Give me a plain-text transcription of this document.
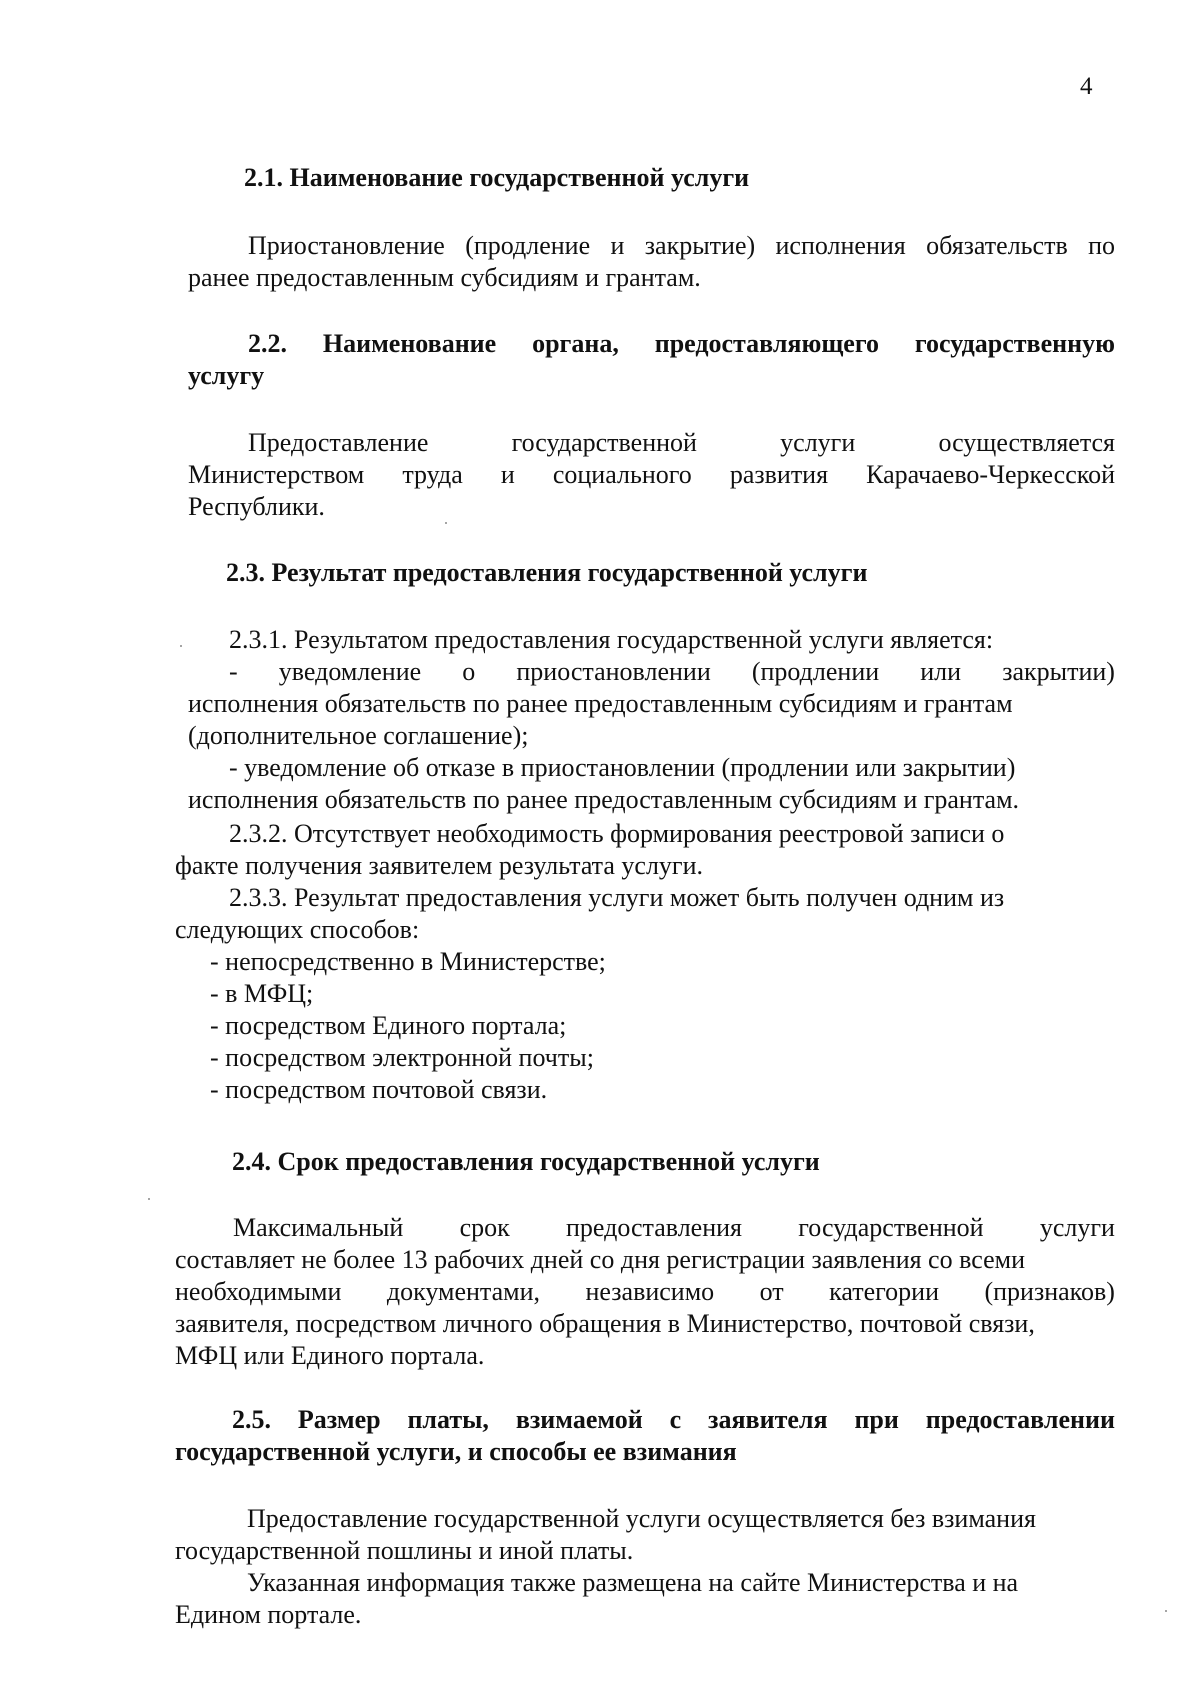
4
2.1. Наименование государственной услуги
Приостановление (продление и закрытие) исполнения обязательств по
ранее предоставленным субсидиям и грантам.
2.2. Наименование органа, предоставляющего государственную
услугу
Предоставление	государственной	услуги	осуществляется
Министерством труда и социального развития Карачаево-Черкесской
Республики.
2.3. Результат предоставления государственной услуги
2.3.1. Результатом предоставления государственной услуги является:
- уведомление о приостановлении (продлении или закрытии)
исполнения обязательств по ранее предоставленным субсидиям и грантам
(дополнительное соглашение);
- уведомление об отказе в приостановлении (продлении или закрытии)
исполнения обязательств по ранее предоставленным субсидиям и грантам.
2.3.2. Отсутствует необходимость формирования реестровой записи о
факте получения заявителем результата услуги.
2.3.3. Результат предоставления услуги может быть получен одним из
следующих способов:
- непосредственно в Министерстве;
- в МФЦ;
- посредством Единого портала;
- посредством электронной почты;
- посредством почтовой связи.
2.4. Срок предоставления государственной услуги
Максимальный срок предоставления государственной услуги
составляет не более 13 рабочих дней со дня регистрации заявления со всеми
необходимыми документами, независимо от категории (признаков)
заявителя, посредством личного обращения в Министерство, почтовой связи,
МФЦ или Единого портала.
2.5. Размер платы, взимаемой с заявителя при предоставлении
государственной услуги, и способы ее взимания
Предоставление государственной услуги осуществляется без взимания
государственной пошлины и иной платы.
Указанная информация также размещена на сайте Министерства и на
Едином портале.
